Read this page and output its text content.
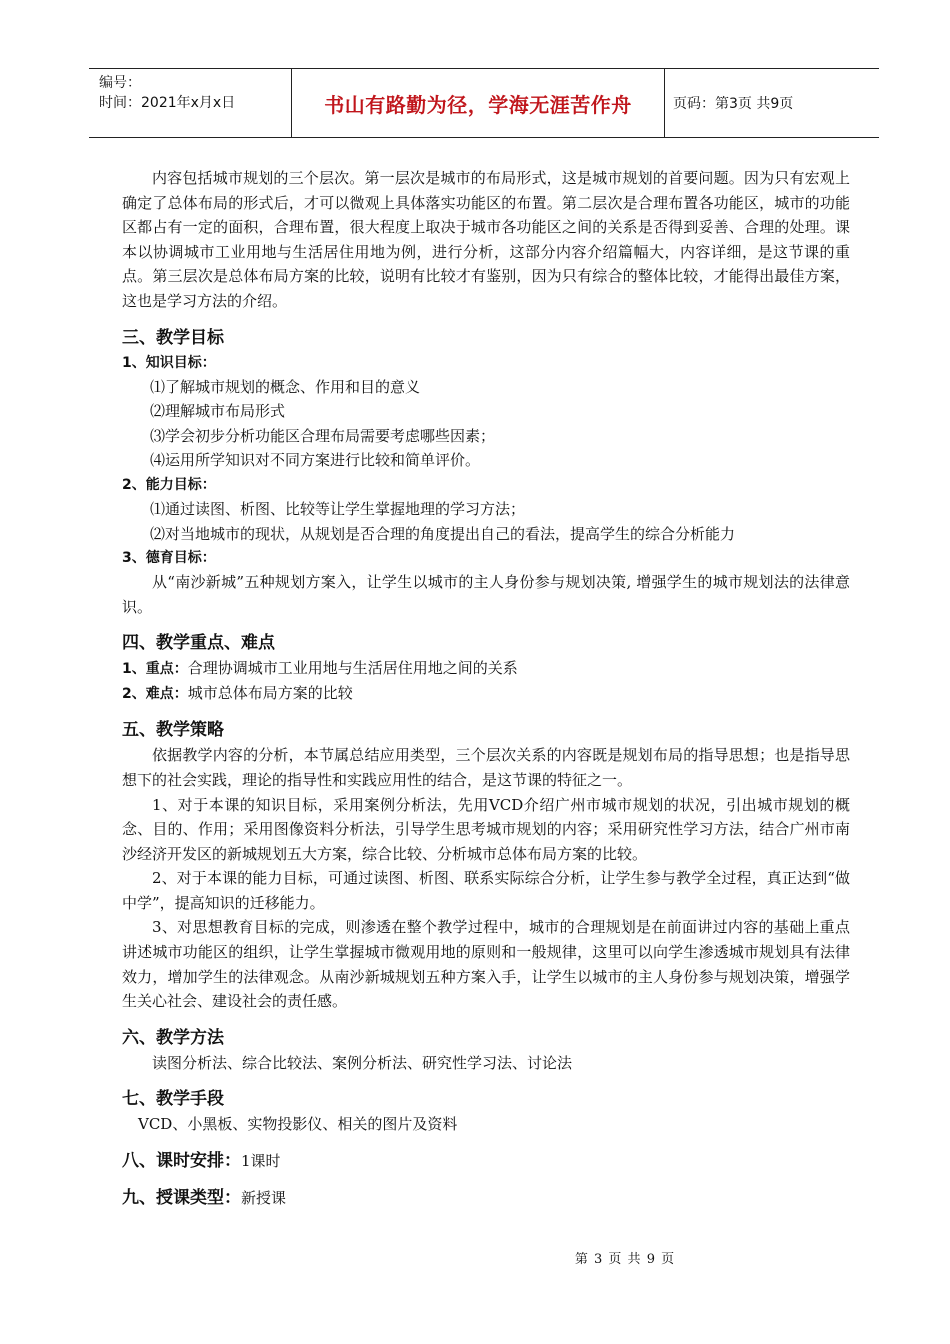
编号：
时间：2021年x月x日	书山有路勤为径，学海无涯苦作舟	页码：第3页 共9页

内容包括城市规划的三个层次。第一层次是城市的布局形式，这是城市规划的首要问题。因为只有宏观上确定了总体布局的形式后，才可以微观上具体落实功能区的布置。第二层次是合理布置各功能区，城市的功能区都占有一定的面积，合理布置，很大程度上取决于城市各功能区之间的关系是否得到妥善、合理的处理。课本以协调城市工业用地与生活居住用地为例，进行分析，这部分内容介绍篇幅大，内容详细，是这节课的重点。第三层次是总体布局方案的比较，说明有比较才有鉴别，因为只有综合的整体比较，才能得出最佳方案，这也是学习方法的介绍。

三、教学目标
1、知识目标：

⑴了解城市规划的概念、作用和目的意义

⑵理解城市布局形式

⑶学会初步分析功能区合理布局需要考虑哪些因素；

⑷运用所学知识对不同方案进行比较和简单评价。

2、能力目标：

⑴通过读图、析图、比较等让学生掌握地理的学习方法；

⑵对当地城市的现状，从规划是否合理的角度提出自己的看法，提高学生的综合分析能力

3、德育目标：

从“南沙新城”五种规划方案入，让学生以城市的主人身份参与规划决策, 增强学生的城市规划法的法律意识。

四、教学重点、难点
1、重点：合理协调城市工业用地与生活居住用地之间的关系
2、难点：城市总体布局方案的比较
五、教学策略

依据教学内容的分析，本节属总结应用类型，三个层次关系的内容既是规划布局的指导思想；也是指导思想下的社会实践，理论的指导性和实践应用性的结合，是这节课的特征之一。

1、对于本课的知识目标，采用案例分析法，先用VCD介绍广州市城市规划的状况，引出城市规划的概念、目的、作用；采用图像资料分析法，引导学生思考城市规划的内容；采用研究性学习方法，结合广州市南沙经济开发区的新城规划五大方案，综合比较、分析城市总体布局方案的比较。

2、对于本课的能力目标，可通过读图、析图、联系实际综合分析，让学生参与教学全过程，真正达到“做中学”，提高知识的迁移能力。

3、对思想教育目标的完成，则渗透在整个教学过程中，城市的合理规划是在前面讲过内容的基础上重点讲述城市功能区的组织，让学生掌握城市微观用地的原则和一般规律，这里可以向学生渗透城市规划具有法律效力，增加学生的法律观念。从南沙新城规划五种方案入手，让学生以城市的主人身份参与规划决策，增强学生关心社会、建设社会的责任感。

六、教学方法

读图分析法、综合比较法、案例分析法、研究性学习法、讨论法

七、教学手段

VCD、小黑板、实物投影仪、相关的图片及资料

八、课时安排：1课时
九、授课类型：新授课
第 3 页 共 9 页
